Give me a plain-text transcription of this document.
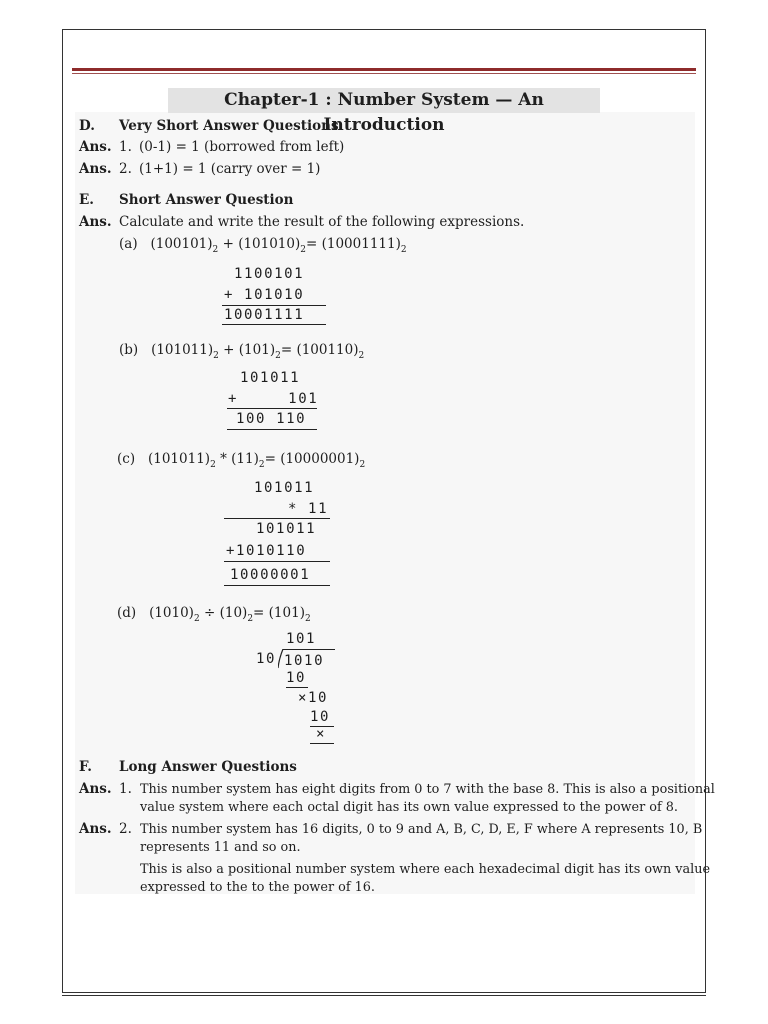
Chapter-1 : Number System — An Introduction
D. Very Short Answer Questions
Ans. 1. (0-1) = 1 (borrowed from left)
Ans. 2. (1+1) = 1 (carry over = 1)
E. Short Answer Question
Ans. Calculate and write the result of the following expressions.
(a) $(100101)_2 + (101010)_2= (10001111)_2$
1100101
+ 101010
10001111
(b) $(101011)_2 + (101)_2= (100110)_2$
101011
+     101
100 110
(c) $(101011)_2 * (11)_2= (10000001)_2$
101011
* 11
101011
+1010110
10000001
(d) $(1010)_2 \div (10)_2= (101)_2$
101
10 1010
10
×10
10
×
F. Long Answer Questions
Ans. 1. This number system has eight digits from 0 to 7 with the base 8. This is also a positional
value system where each octal digit has its own value expressed to the power of 8.
Ans. 2. This number system has 16 digits, 0 to 9 and A, B, C, D, E, F where A represents 10, B
represents 11 and so on.
This is also a positional number system where each hexadecimal digit has its own value
expressed to the to the power of 16.
